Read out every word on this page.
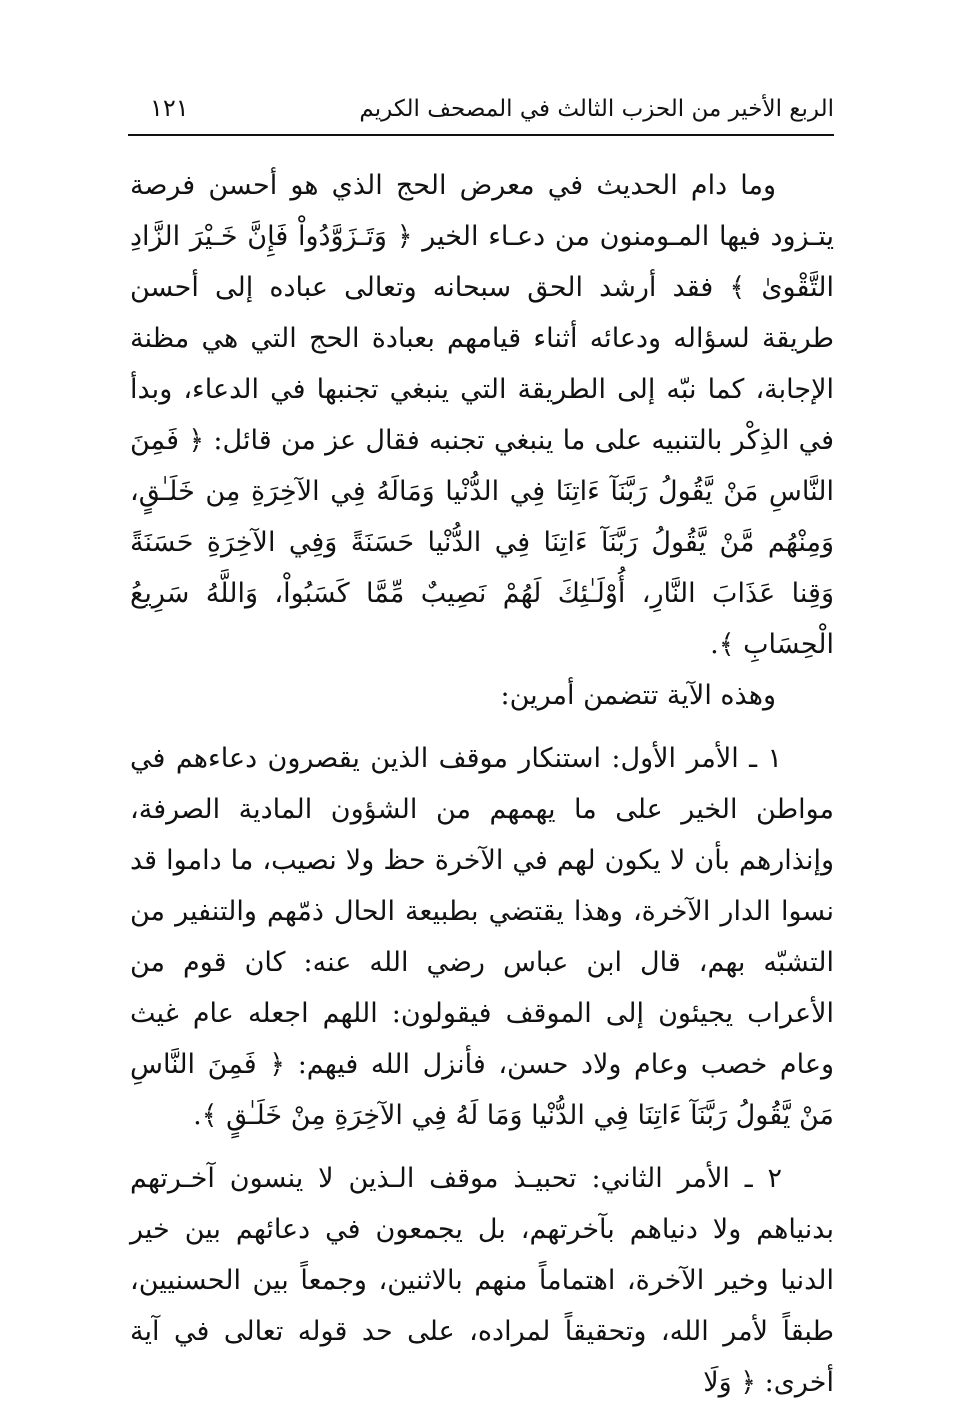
الربع الأخير من الحزب الثالث في المصحف الكريم
١٢١

وما دام الحديث في معرض الحج الذي هو أحسن فرصة يتـزود فيها المـومنون من دعـاء الخير ﴿ وَتَـزَوَّدُواْ فَإِنَّ خَـيْرَ الزَّادِ التَّقْوىٰ ﴾ فقد أرشد الحق سبحانه وتعالى عباده إلى أحسن طريقة لسؤاله ودعائه أثناء قيامهم بعبادة الحج التي هي مظنة الإجابة، كما نبّه إلى الطريقة التي ينبغي تجنبها في الدعاء، وبدأ في الذِكْر بالتنبيه على ما ينبغي تجنبه فقال عز من قائل: ﴿ فَمِنَ النَّاسِ مَنْ يَّقُولُ رَبَّنَآ ءَاتِنَا فِي الدُّنْيا وَمَالَهُ فِي الآخِرَةِ مِن خَلَـٰقٍ، وَمِنْهُم مَّنْ يَّقُولُ رَبَّنَآ ءَاتِنَا فِي الدُّنْيا حَسَنَةً وَفِي الآخِرَةِ حَسَنَةً وَقِنا عَذَابَ النَّارِ، أُوْلَـٰئِكَ لَهُمْ نَصِيبٌ مِّمَّا كَسَبُواْ، وَاللَّهُ سَرِيعُ الْحِسَابِ ﴾.

وهذه الآية تتضمن أمرين:

١ ـ الأمر الأول: استنكار موقف الذين يقصرون دعاءهم في مواطن الخير على ما يهمهم من الشؤون المادية الصرفة، وإنذارهم بأن لا يكون لهم في الآخرة حظ ولا نصيب، ما داموا قد نسوا الدار الآخرة، وهذا يقتضي بطبيعة الحال ذمّهم والتنفير من التشبّه بهم، قال ابن عباس رضي الله عنه: كان قوم من الأعراب يجيئون إلى الموقف فيقولون: اللهم اجعله عام غيث وعام خصب وعام ولاد حسن، فأنزل الله فيهم: ﴿ فَمِنَ النَّاسِ مَنْ يَّقُولُ رَبَّنَآ ءَاتِنَا فِي الدُّنْيا وَمَا لَهُ فِي الآخِرَةِ مِنْ خَلَـٰقٍ ﴾.

٢ ـ الأمر الثاني: تحبيـذ موقف الـذين لا ينسون آخـرتهم بدنياهم ولا دنياهم بآخرتهم، بل يجمعون في دعائهم بين خير الدنيا وخير الآخرة، اهتماماً منهم بالاثنين، وجمعاً بين الحسنيين، طبقاً لأمر الله، وتحقيقاً لمراده، على حد قوله تعالى في آية أخرى: ﴿ وَلَا
